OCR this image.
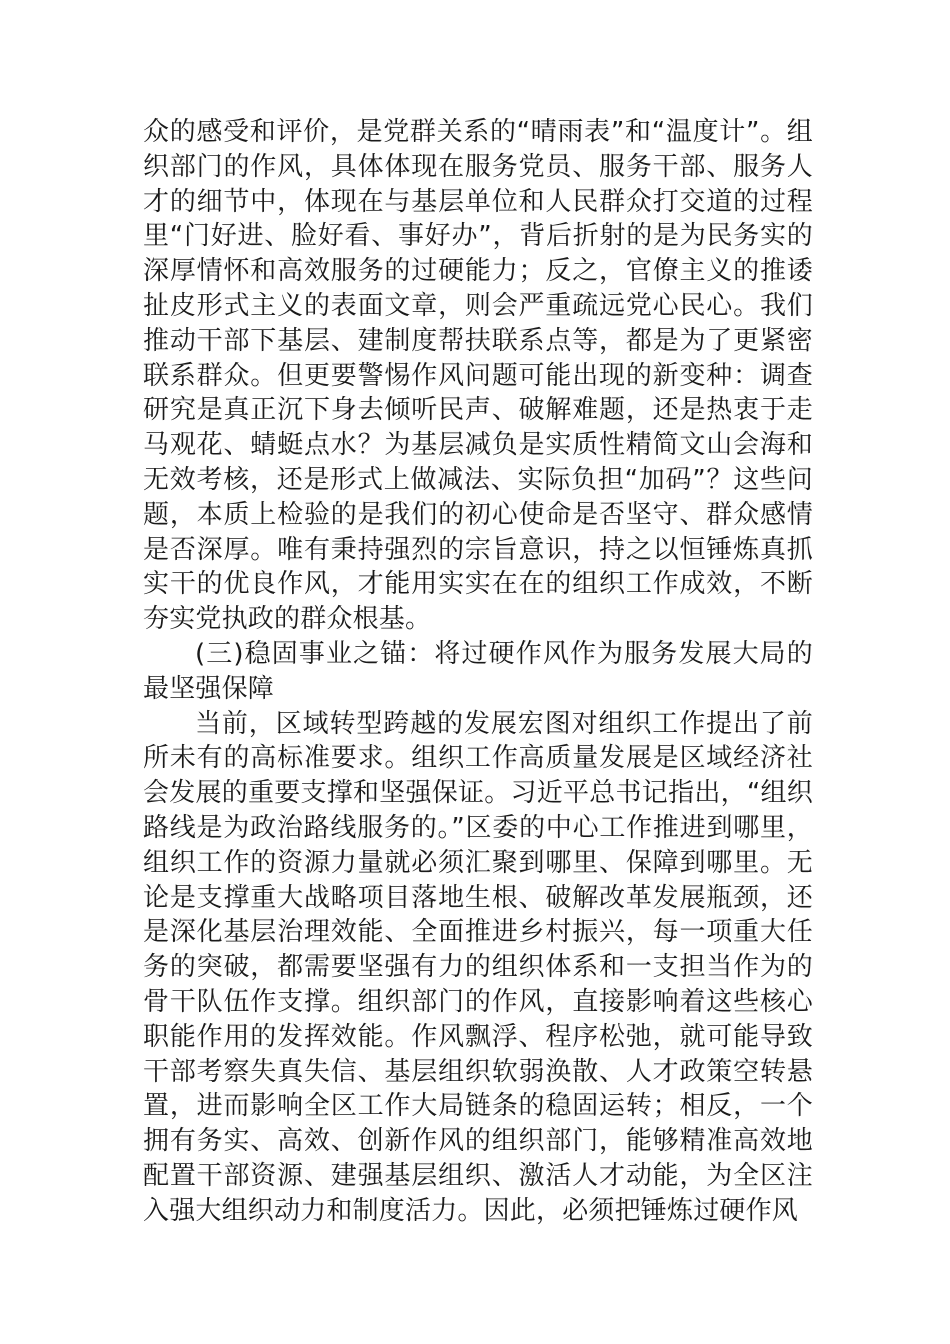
众的感受和评价，是党群关系的“晴雨表”和“温度计”。组织部门的作风，具体体现在服务党员、服务干部、服务人才的细节中，体现在与基层单位和人民群众打交道的过程里“门好进、脸好看、事好办”，背后折射的是为民务实的深厚情怀和高效服务的过硬能力；反之，官僚主义的推诿扯皮形式主义的表面文章，则会严重疏远党心民心。我们推动干部下基层、建制度帮扶联系点等，都是为了更紧密联系群众。但更要警惕作风问题可能出现的新变种：调查研究是真正沉下身去倾听民声、破解难题，还是热衷于走马观花、蜻蜓点水？为基层减负是实质性精简文山会海和无效考核，还是形式上做减法、实际负担“加码”？这些问题，本质上检验的是我们的初心使命是否坚守、群众感情是否深厚。唯有秉持强烈的宗旨意识，持之以恒锤炼真抓实干的优良作风，才能用实实在在的组织工作成效，不断夯实党执政的群众根基。

(三)稳固事业之锚：将过硬作风作为服务发展大局的最坚强保障

当前，区域转型跨越的发展宏图对组织工作提出了前所未有的高标准要求。组织工作高质量发展是区域经济社会发展的重要支撑和坚强保证。习近平总书记指出，“组织路线是为政治路线服务的。”区委的中心工作推进到哪里，组织工作的资源力量就必须汇聚到哪里、保障到哪里。无论是支撑重大战略项目落地生根、破解改革发展瓶颈，还是深化基层治理效能、全面推进乡村振兴，每一项重大任务的突破，都需要坚强有力的组织体系和一支担当作为的骨干队伍作支撑。组织部门的作风，直接影响着这些核心职能作用的发挥效能。作风飘浮、程序松弛，就可能导致干部考察失真失信、基层组织软弱涣散、人才政策空转悬置，进而影响全区工作大局链条的稳固运转；相反，一个拥有务实、高效、创新作风的组织部门，能够精准高效地配置干部资源、建强基层组织、激活人才动能，为全区注入强大组织动力和制度活力。因此，必须把锤炼过硬作风
